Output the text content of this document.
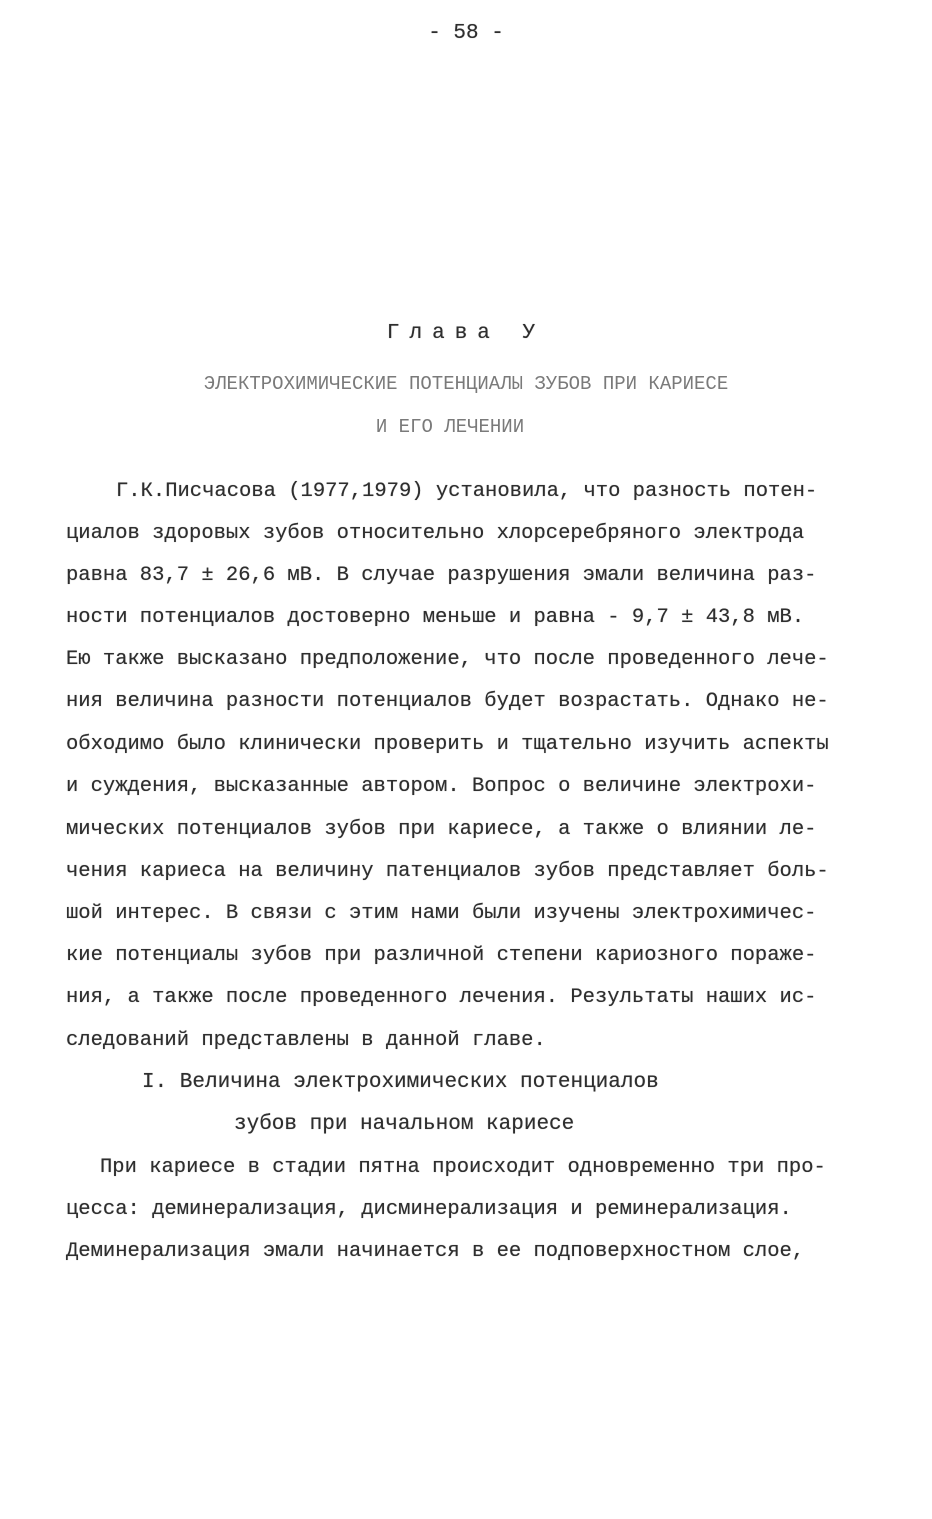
- 58 -
Глава У
ЭЛЕКТРОХИМИЧЕСКИЕ ПОТЕНЦИАЛЫ ЗУБОВ ПРИ КАРИЕСЕ
И ЕГО ЛЕЧЕНИИ
Г.К.Писчасова (1977,1979) установила, что разность потен-
циалов здоровых зубов относительно хлорсеребряного электрода
равна 83,7 ± 26,6 мВ. В случае разрушения эмали величина раз-
ности потенциалов достоверно меньше и равна - 9,7 ± 43,8 мВ.
Ею также высказано предположение, что после проведенного лече-
ния величина разности потенциалов будет возрастать. Однако не-
обходимо было клинически проверить и тщательно изучить аспекты
и суждения, высказанные автором. Вопрос о величине электрохи-
мических потенциалов зубов при кариесе, а также о влиянии ле-
чения кариеса на величину патенциалов зубов представляет боль-
шой интерес. В связи с этим нами были изучены электрохимичес-
кие потенциалы зубов при различной степени кариозного пораже-
ния, а также после проведенного лечения. Результаты наших ис-
следований представлены в данной главе.
I. Величина электрохимических потенциалов
зубов при начальном кариесе
При кариесе в стадии пятна происходит одновременно три про-
цесса: деминерализация, дисминерализация и реминерализация.
Деминерализация эмали начинается в ее подповерхностном слое,
